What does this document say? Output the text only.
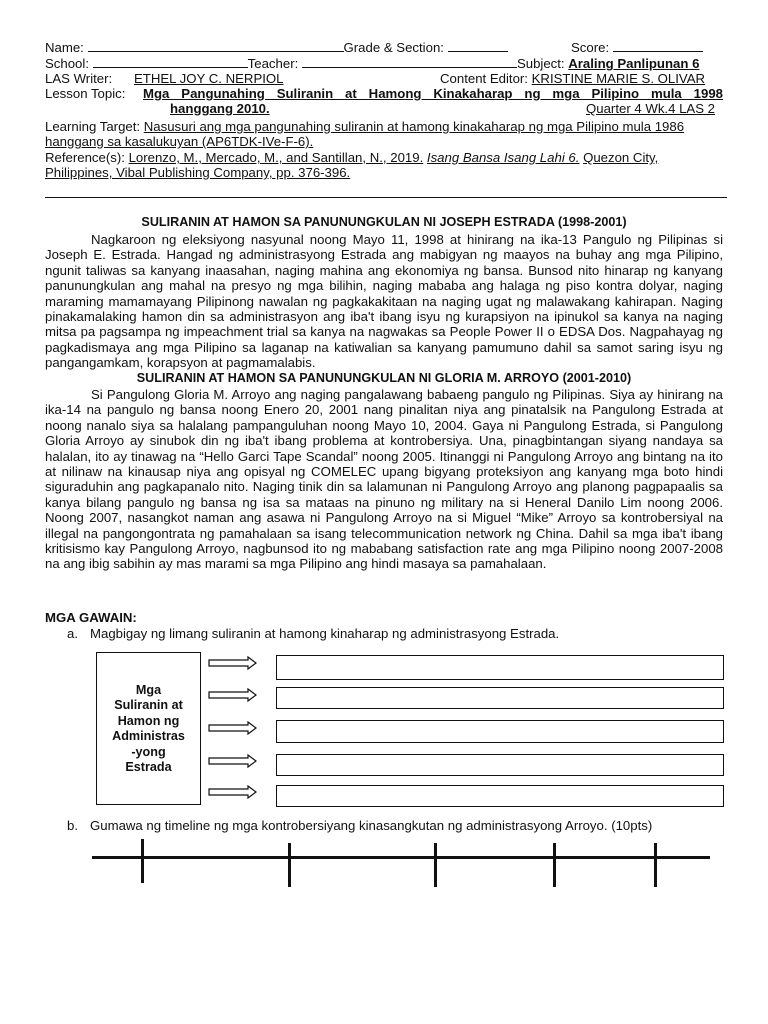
Name:	Grade & Section:	Score:
School:	Teacher:	Subject: Araling Panlipunan 6
LAS Writer: ETHEL JOY C. NERPIOL	Content Editor: KRISTINE MARIE S. OLIVAR
Lesson Topic: Mga Pangunahing Suliranin at Hamong Kinakaharap ng mga Pilipino mula 1998
hanggang 2010.	Quarter 4 Wk.4 LAS 2
Learning Target: Nasusuri ang mga pangunahing suliranin at hamong kinakaharap ng mga Pilipino mula 1986
hanggang sa kasalukuyan (AP6TDK-IVe-F-6).
Reference(s): Lorenzo, M., Mercado, M., and Santillan, N., 2019. Isang Bansa Isang Lahi 6. Quezon City,
Philippines, Vibal Publishing Company, pp. 376-396.
SULIRANIN AT HAMON SA PANUNUNGKULAN NI JOSEPH ESTRADA (1998-2001)

Nagkaroon ng eleksiyong nasyunal noong Mayo 11, 1998 at hinirang na ika-13 Pangulo ng Pilipinas si Joseph E. Estrada. Hangad ng administrasyong Estrada ang mabigyan ng maayos na buhay ang mga Pilipino, ngunit taliwas sa kanyang inaasahan, naging mahina ang ekonomiya ng bansa. Bunsod nito hinarap ng kanyang panunungkulan ang mahal na presyo ng mga bilihin, naging mababa ang halaga ng piso kontra dolyar, naging maraming mamamayang Pilipinong nawalan ng pagkakakitaan na naging ugat ng malawakang kahirapan. Naging pinakamalaking hamon din sa administrasyon ang iba't ibang isyu ng kurapsiyon na ipinukol sa kanya na naging mitsa pa pagsampa ng impeachment trial sa kanya na nagwakas sa People Power II o EDSA Dos. Nagpahayag ng pagkadismaya ang mga Pilipino sa laganap na katiwalian sa kanyang pamumuno dahil sa samot saring isyu ng pangangamkam, korapsyon at pagmamalabis.

SULIRANIN AT HAMON SA PANUNUNGKULAN NI GLORIA M. ARROYO (2001-2010)

Si Pangulong Gloria M. Arroyo ang naging pangalawang babaeng pangulo ng Pilipinas. Siya ay hinirang na ika-14 na pangulo ng bansa noong Enero 20, 2001 nang pinalitan niya ang pinatalsik na Pangulong Estrada at noong nanalo siya sa halalang pampanguluhan noong Mayo 10, 2004. Gaya ni Pangulong Estrada, si Pangulong Gloria Arroyo ay sinubok din ng iba't ibang problema at kontrobersiya. Una, pinagbintangan siyang nandaya sa halalan, ito ay tinawag na “Hello Garci Tape Scandal” noong 2005. Itinanggi ni Pangulong Arroyo ang bintang na ito at nilinaw na kinausap niya ang opisyal ng COMELEC upang bigyang proteksiyon ang kanyang mga boto hindi siguraduhin ang pagkapanalo nito. Naging tinik din sa lalamunan ni Pangulong Arroyo ang planong pagpapaalis sa kanya bilang pangulo ng bansa ng isa sa mataas na pinuno ng military na si Heneral Danilo Lim noong 2006. Noong 2007, nasangkot naman ang asawa ni Pangulong Arroyo na si Miguel “Mike” Arroyo sa kontrobersiyal na illegal na pangongontrata ng pamahalaan sa isang telecommunication network ng China. Dahil sa mga iba't ibang kritisismo kay Pangulong Arroyo, nagbunsod ito ng mababang satisfaction rate ang mga Pilipino noong 2007-2008 na ang ibig sabihin ay mas marami sa mga Pilipino ang hindi masaya sa pamahalaan.

MGA GAWAIN:
a. Magbigay ng limang suliranin at hamong kinaharap ng administrasyong Estrada.
Mga
Suliranin at
Hamon ng
Administras
-yong
Estrada
b. Gumawa ng timeline ng mga kontrobersiyang kinasangkutan ng administrasyong Arroyo. (10pts)
